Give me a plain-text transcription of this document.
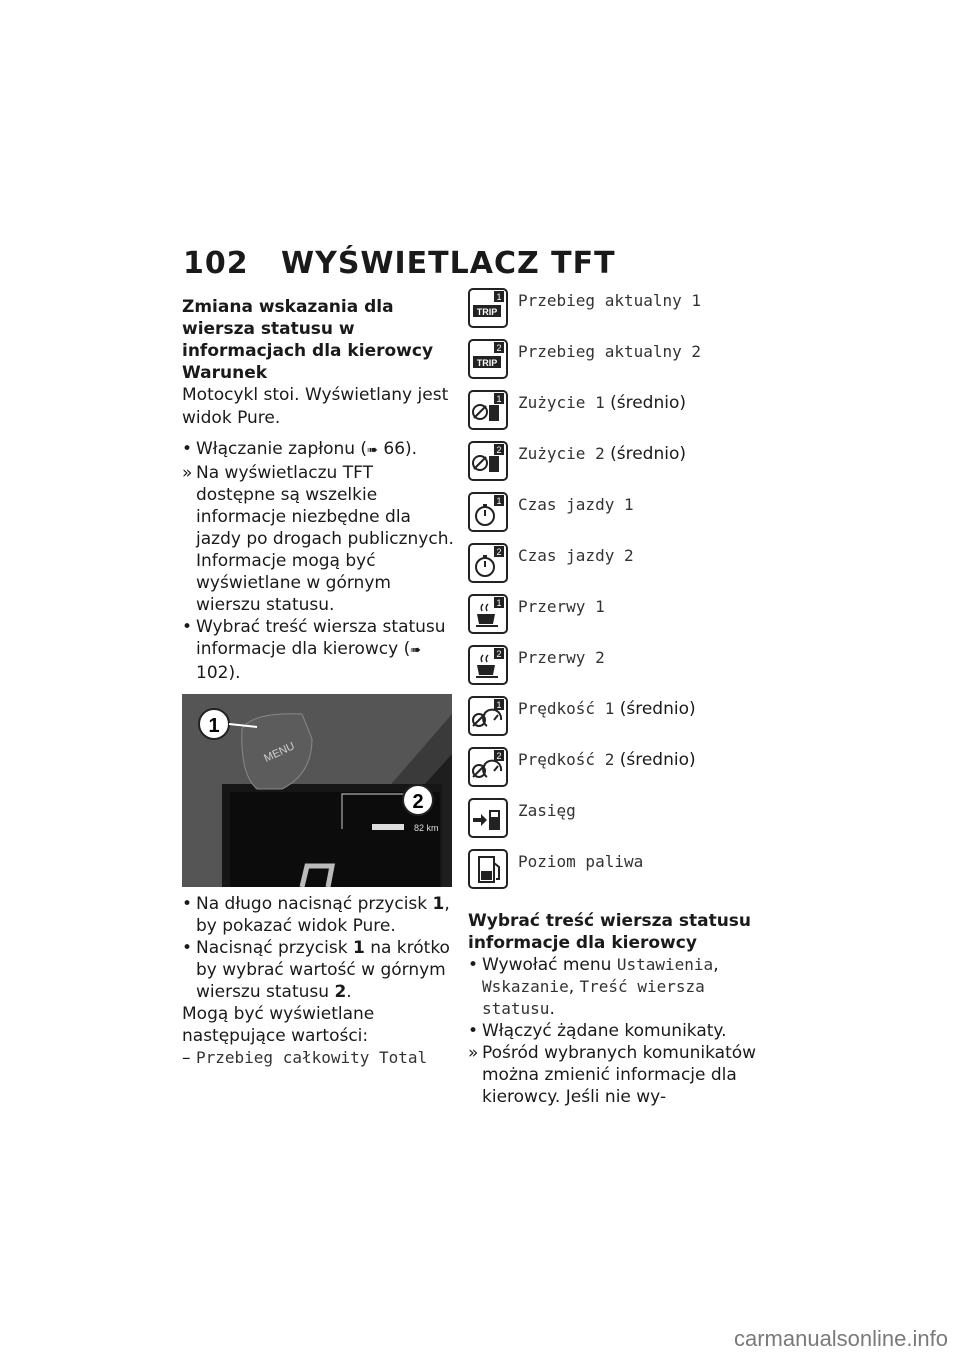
102 WYŚWIETLACZ TFT
Zmiana wskazania dla wiersza statusu w informacjach dla kierowcy
Warunek

Motocykl stoi. Wyświetlany jest widok Pure.

• Włączanie zapłonu (➠ 66).
» Na wyświetlaczu TFT dostępne są wszelkie informacje niezbędne dla jazdy po drogach publicznych. Informacje mogą być wyświetlane w górnym wierszu statusu.
• Wybrać treść wiersza statusu informacje dla kierowcy (➠ 102).
MENU
82 km
1
2
• Na długo nacisnąć przycisk 1, by pokazać widok Pure.
• Nacisnąć przycisk 1 na krótko by wybrać wartość w górnym wierszu statusu 2.

Mogą być wyświetlane następujące wartości:

– Przebieg całkowity Total
TRIP
1 Przebieg aktualny 1
TRIP
2 Przebieg aktualny 2
1 Zużycie 1 (średnio)
2 Zużycie 2 (średnio)
1 Czas jazdy 1
2 Czas jazdy 2
1 Przerwy 1
2 Przerwy 2
1 Prędkość 1 (średnio)
2 Prędkość 2 (średnio)
Zasięg
Poziom paliwa
Wybrać treść wiersza statusu informacje dla kierowcy
• Wywołać menu Ustawienia, Wskazanie, Treść wiersza statusu.
• Włączyć żądane komunikaty.
» Pośród wybranych komunikatów można zmienić informacje dla kierowcy. Jeśli nie wy-
carmanualsonline.info
